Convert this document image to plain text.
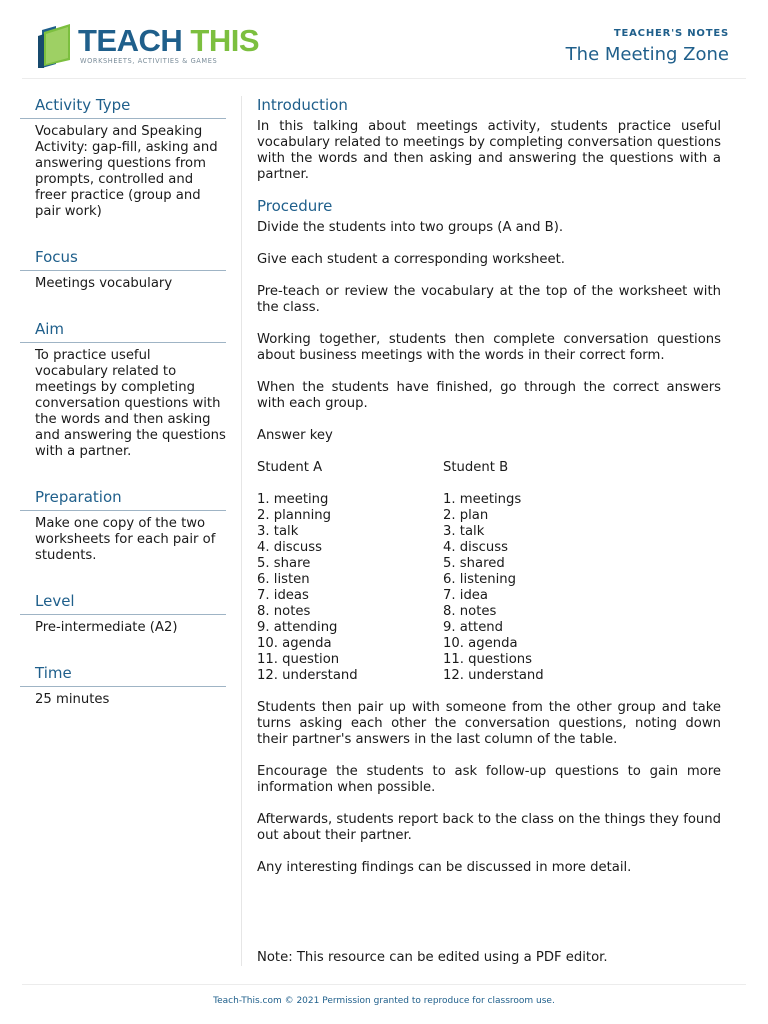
TEACH THIS
WORKSHEETS, ACTIVITIES & GAMES
TEACHER'S NOTES
The Meeting Zone
Activity Type
Vocabulary and Speaking Activity: gap-fill, asking and answering questions from prompts, controlled and freer practice (group and pair work)
Focus
Meetings vocabulary
Aim
To practice useful vocabulary related to meetings by completing conversation questions with the words and then asking and answering the questions with a partner.
Preparation
Make one copy of the two worksheets for each pair of students.
Level
Pre-intermediate (A2)
Time
25 minutes
Introduction

In this talking about meetings activity, students practice useful vocabulary related to meetings by completing conversation questions with the words and then asking and answering the questions with a partner.

Procedure

Divide the students into two groups (A and B).

Give each student a corresponding worksheet.

Pre-teach or review the vocabulary at the top of the worksheet with the class.

Working together, students then complete conversation questions about business meetings with the words in their correct form.

When the students have finished, go through the correct answers with each group.

Answer key

Student A
1. meeting
2. planning
3. talk
4. discuss
5. share
6. listen
7. ideas
8. notes
9. attending
10. agenda
11. question
12. understand
Student B
1. meetings
2. plan
3. talk
4. discuss
5. shared
6. listening
7. idea
8. notes
9. attend
10. agenda
11. questions
12. understand

Students then pair up with someone from the other group and take turns asking each other the conversation questions, noting down their partner's answers in the last column of the table.

Encourage the students to ask follow-up questions to gain more information when possible.

Afterwards, students report back to the class on the things they found out about their partner.

Any interesting findings can be discussed in more detail.

Note: This resource can be edited using a PDF editor.
Teach-This.com © 2021 Permission granted to reproduce for classroom use.
